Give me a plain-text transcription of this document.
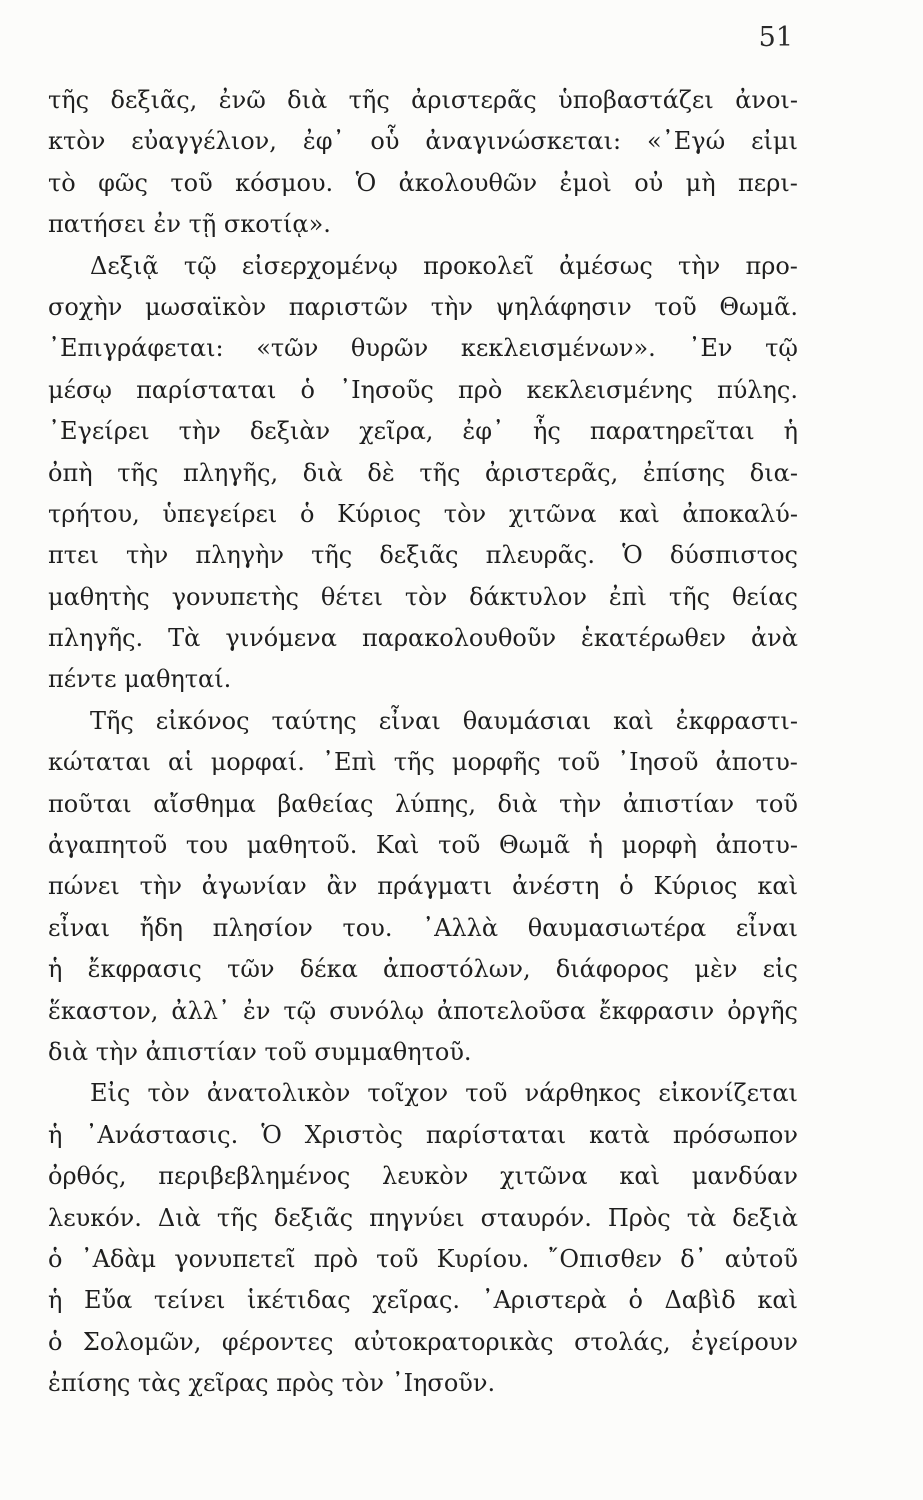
51
τῆς δεξιᾶς, ἐνῶ διὰ τῆς ἀριστερᾶς ὑποβαστάζει ἀνοι-
κτὸν εὐαγγέλιον, ἐφ᾽ οὗ ἀναγινώσκεται: «᾽Εγώ εἰμι
τὸ φῶς τοῦ κόσμου. Ὁ ἀκολουθῶν ἐμοὶ οὐ μὴ περι-
πατήσει ἐν τῇ σκοτίᾳ».
Δεξιᾷ τῷ εἰσερχομένῳ προκολεῖ ἀμέσως τὴν προ-
σοχὴν μωσαϊκὸν παριστῶν τὴν ψηλάφησιν τοῦ Θωμᾶ.
᾽Επιγράφεται: «τῶν θυρῶν κεκλεισμένων». ᾽Εν τῷ
μέσῳ παρίσταται ὁ ᾽Ιησοῦς πρὸ κεκλεισμένης πύλης.
᾽Εγείρει τὴν δεξιὰν χεῖρα, ἐφ᾽ ἧς παρατηρεῖται ἡ
ὀπὴ τῆς πληγῆς, διὰ δὲ τῆς ἀριστερᾶς, ἐπίσης δια-
τρήτου, ὑπεγείρει ὁ Κύριος τὸν χιτῶνα καὶ ἀποκαλύ-
πτει τὴν πληγὴν τῆς δεξιᾶς πλευρᾶς. Ὁ δύσπιστος
μαθητὴς γονυπετὴς θέτει τὸν δάκτυλον ἐπὶ τῆς θείας
πληγῆς. Τὰ γινόμενα παρακολουθοῦν ἑκατέρωθεν ἀνὰ
πέντε μαθηταί.
Τῆς εἰκόνος ταύτης εἶναι θαυμάσιαι καὶ ἐκφραστι-
κώταται αἱ μορφαί. ᾽Επὶ τῆς μορφῆς τοῦ ᾽Ιησοῦ ἀποτυ-
ποῦται αἴσθημα βαθείας λύπης, διὰ τὴν ἀπιστίαν τοῦ
ἀγαπητοῦ του μαθητοῦ. Καὶ τοῦ Θωμᾶ ἡ μορφὴ ἀποτυ-
πώνει τὴν ἀγωνίαν ἂν πράγματι ἀνέστη ὁ Κύριος καὶ
εἶναι ἤδη πλησίον του. ᾽Αλλὰ θαυμασιωτέρα εἶναι
ἡ ἔκφρασις τῶν δέκα ἀποστόλων, διάφορος μὲν εἰς
ἕκαστον, ἀλλ᾽ ἐν τῷ συνόλῳ ἀποτελοῦσα ἔκφρασιν ὀργῆς
διὰ τὴν ἀπιστίαν τοῦ συμμαθητοῦ.
Εἰς τὸν ἀνατολικὸν τοῖχον τοῦ νάρθηκος εἰκονίζεται
ἡ ᾽Ανάστασις. Ὁ Χριστὸς παρίσταται κατὰ πρόσωπον
ὀρθός, περιβεβλημένος λευκὸν χιτῶνα καὶ μανδύαν
λευκόν. Διὰ τῆς δεξιᾶς πηγνύει σταυρόν. Πρὸς τὰ δεξιὰ
ὁ ᾽Αδὰμ γονυπετεῖ πρὸ τοῦ Κυρίου. ῎Οπισθεν δ᾽ αὐτοῦ
ἡ Εὔα τείνει ἱκέτιδας χεῖρας. ᾽Αριστερὰ ὁ Δαβὶδ καὶ
ὁ Σολομῶν, φέροντες αὐτοκρατορικὰς στολάς, ἐγείρουν
ἐπίσης τὰς χεῖρας πρὸς τὸν ᾽Ιησοῦν.
